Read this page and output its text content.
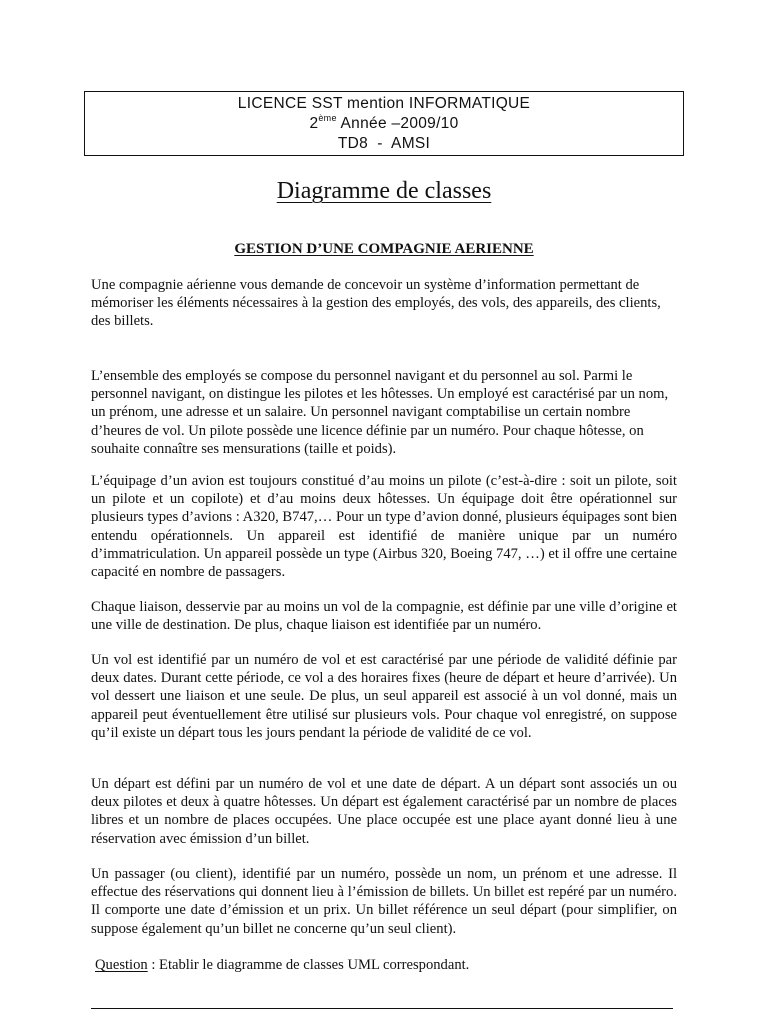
LICENCE SST mention INFORMATIQUE
2ème Année –2009/10
TD8  -  AMSI
Diagramme de classes
GESTION D’UNE COMPAGNIE AERIENNE

Une compagnie aérienne vous demande de concevoir un système d’information permettant de mémoriser les éléments nécessaires à la gestion des employés, des vols, des appareils, des clients, des billets.

L’ensemble des employés se compose du personnel navigant et du personnel au sol. Parmi le personnel navigant, on distingue les pilotes et les hôtesses. Un employé est caractérisé par un nom, un prénom, une adresse et un salaire. Un personnel navigant comptabilise un certain nombre d’heures de vol. Un pilote possède une licence définie par un numéro. Pour chaque hôtesse, on souhaite connaître ses mensurations (taille et poids).

L’équipage d’un avion est toujours constitué d’au moins un pilote (c’est-à-dire : soit un pilote, soit un pilote et un copilote) et d’au moins deux hôtesses. Un équipage doit être opérationnel sur plusieurs types d’avions : A320, B747,… Pour un type d’avion donné, plusieurs équipages sont bien entendu opérationnels. Un appareil est identifié de manière unique par un numéro d’immatriculation. Un appareil possède un type (Airbus 320, Boeing 747, …) et il offre une certaine capacité en nombre de passagers.

Chaque liaison, desservie par au moins un vol de la compagnie, est définie par une ville d’origine et une ville de destination. De plus, chaque liaison est identifiée par un numéro.

Un vol est identifié par un numéro de vol et est caractérisé par une période de validité définie par deux dates. Durant cette période, ce vol a des horaires fixes (heure de départ et heure d’arrivée). Un vol dessert une liaison et une seule. De plus, un seul appareil est associé à un vol donné, mais un appareil peut éventuellement être utilisé sur plusieurs vols. Pour chaque vol enregistré, on suppose qu’il existe un départ tous les jours pendant la période de validité de ce vol.

Un départ est défini par un numéro de vol et une date de départ. A un départ sont associés un ou deux pilotes et deux à quatre hôtesses. Un départ est également caractérisé par un nombre de places libres et un nombre de places occupées. Une place occupée est une place ayant donné lieu à une réservation avec émission d’un billet.

Un passager (ou client), identifié par un numéro, possède un nom, un prénom et une adresse. Il effectue des réservations qui donnent lieu à l’émission de billets. Un billet est repéré par un numéro. Il comporte une date d’émission et un prix. Un billet référence un seul départ (pour simplifier, on suppose également qu’un billet ne concerne qu’un seul client).

Question : Etablir le diagramme de classes UML correspondant.
